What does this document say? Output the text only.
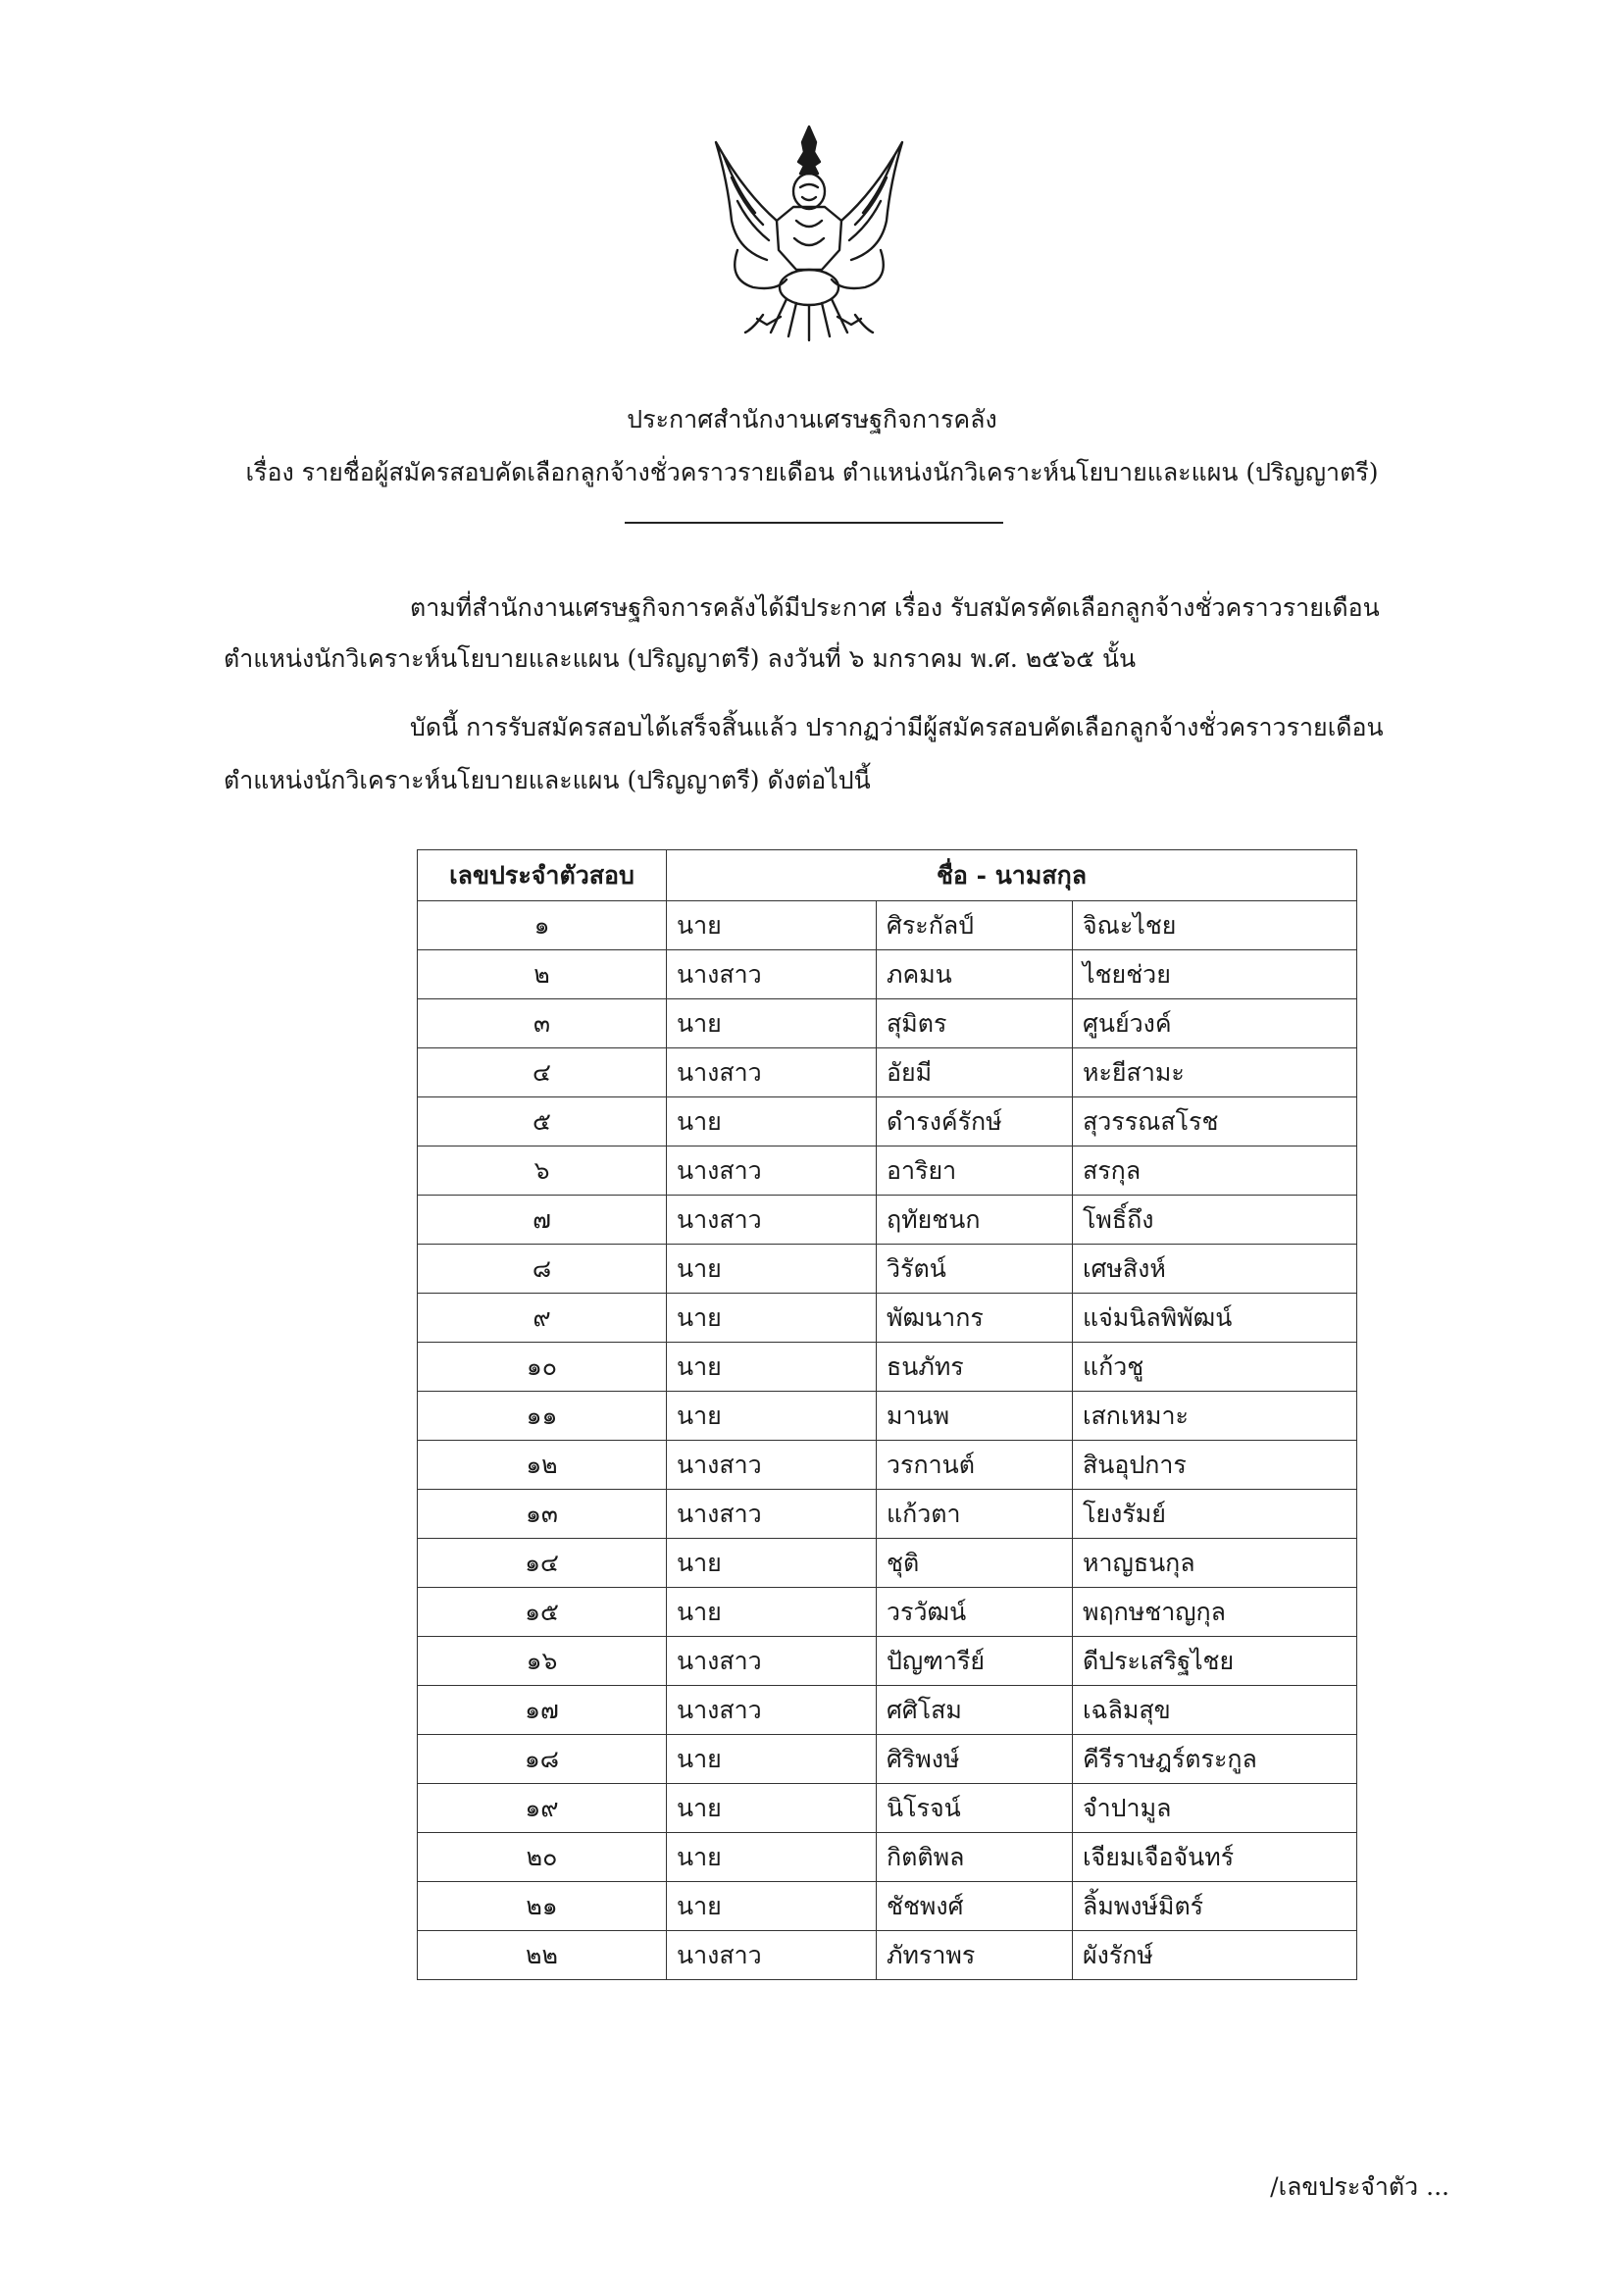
ประกาศสำนักงานเศรษฐกิจการคลัง
เรื่อง รายชื่อผู้สมัครสอบคัดเลือกลูกจ้างชั่วคราวรายเดือน ตำแหน่งนักวิเคราะห์นโยบายและแผน (ปริญญาตรี)
ตามที่สำนักงานเศรษฐกิจการคลังได้มีประกาศ เรื่อง รับสมัครคัดเลือกลูกจ้างชั่วคราวรายเดือน
ตำแหน่งนักวิเคราะห์นโยบายและแผน (ปริญญาตรี) ลงวันที่ ๖ มกราคม พ.ศ. ๒๕๖๕ นั้น
บัดนี้ การรับสมัครสอบได้เสร็จสิ้นแล้ว ปรากฏว่ามีผู้สมัครสอบคัดเลือกลูกจ้างชั่วคราวรายเดือน
ตำแหน่งนักวิเคราะห์นโยบายและแผน (ปริญญาตรี) ดังต่อไปนี้
เลขประจำตัวสอบ	ชื่อ - นามสกุล		
๑	นาย	ศิระกัลป์	จิณะไชย
๒	นางสาว	ภคมน	ไชยช่วย
๓	นาย	สุมิตร	ศูนย์วงค์
๔	นางสาว	อัยมี	หะยีสามะ
๕	นาย	ดำรงค์รักษ์	สุวรรณสโรช
๖	นางสาว	อาริยา	สรกุล
๗	นางสาว	ฤทัยชนก	โพธิ์ถึง
๘	นาย	วิรัตน์	เศษสิงห์
๙	นาย	พัฒนากร	แจ่มนิลพิพัฒน์
๑๐	นาย	ธนภัทร	แก้วชู
๑๑	นาย	มานพ	เสกเหมาะ
๑๒	นางสาว	วรกานต์	สินอุปการ
๑๓	นางสาว	แก้วตา	โยงรัมย์
๑๔	นาย	ชุติ	หาญธนกุล
๑๕	นาย	วรวัฒน์	พฤกษชาญกุล
๑๖	นางสาว	ปัญฑารีย์	ดีประเสริฐไชย
๑๗	นางสาว	ศศิโสม	เฉลิมสุข
๑๘	นาย	ศิริพงษ์	คีรีราษฎร์ตระกูล
๑๙	นาย	นิโรจน์	จำปามูล
๒๐	นาย	กิตติพล	เจียมเจือจันทร์
๒๑	นาย	ชัชพงศ์	ลิ้มพงษ์มิตร์
๒๒	นางสาว	ภัทราพร	ผังรักษ์
/เลขประจำตัว ...
